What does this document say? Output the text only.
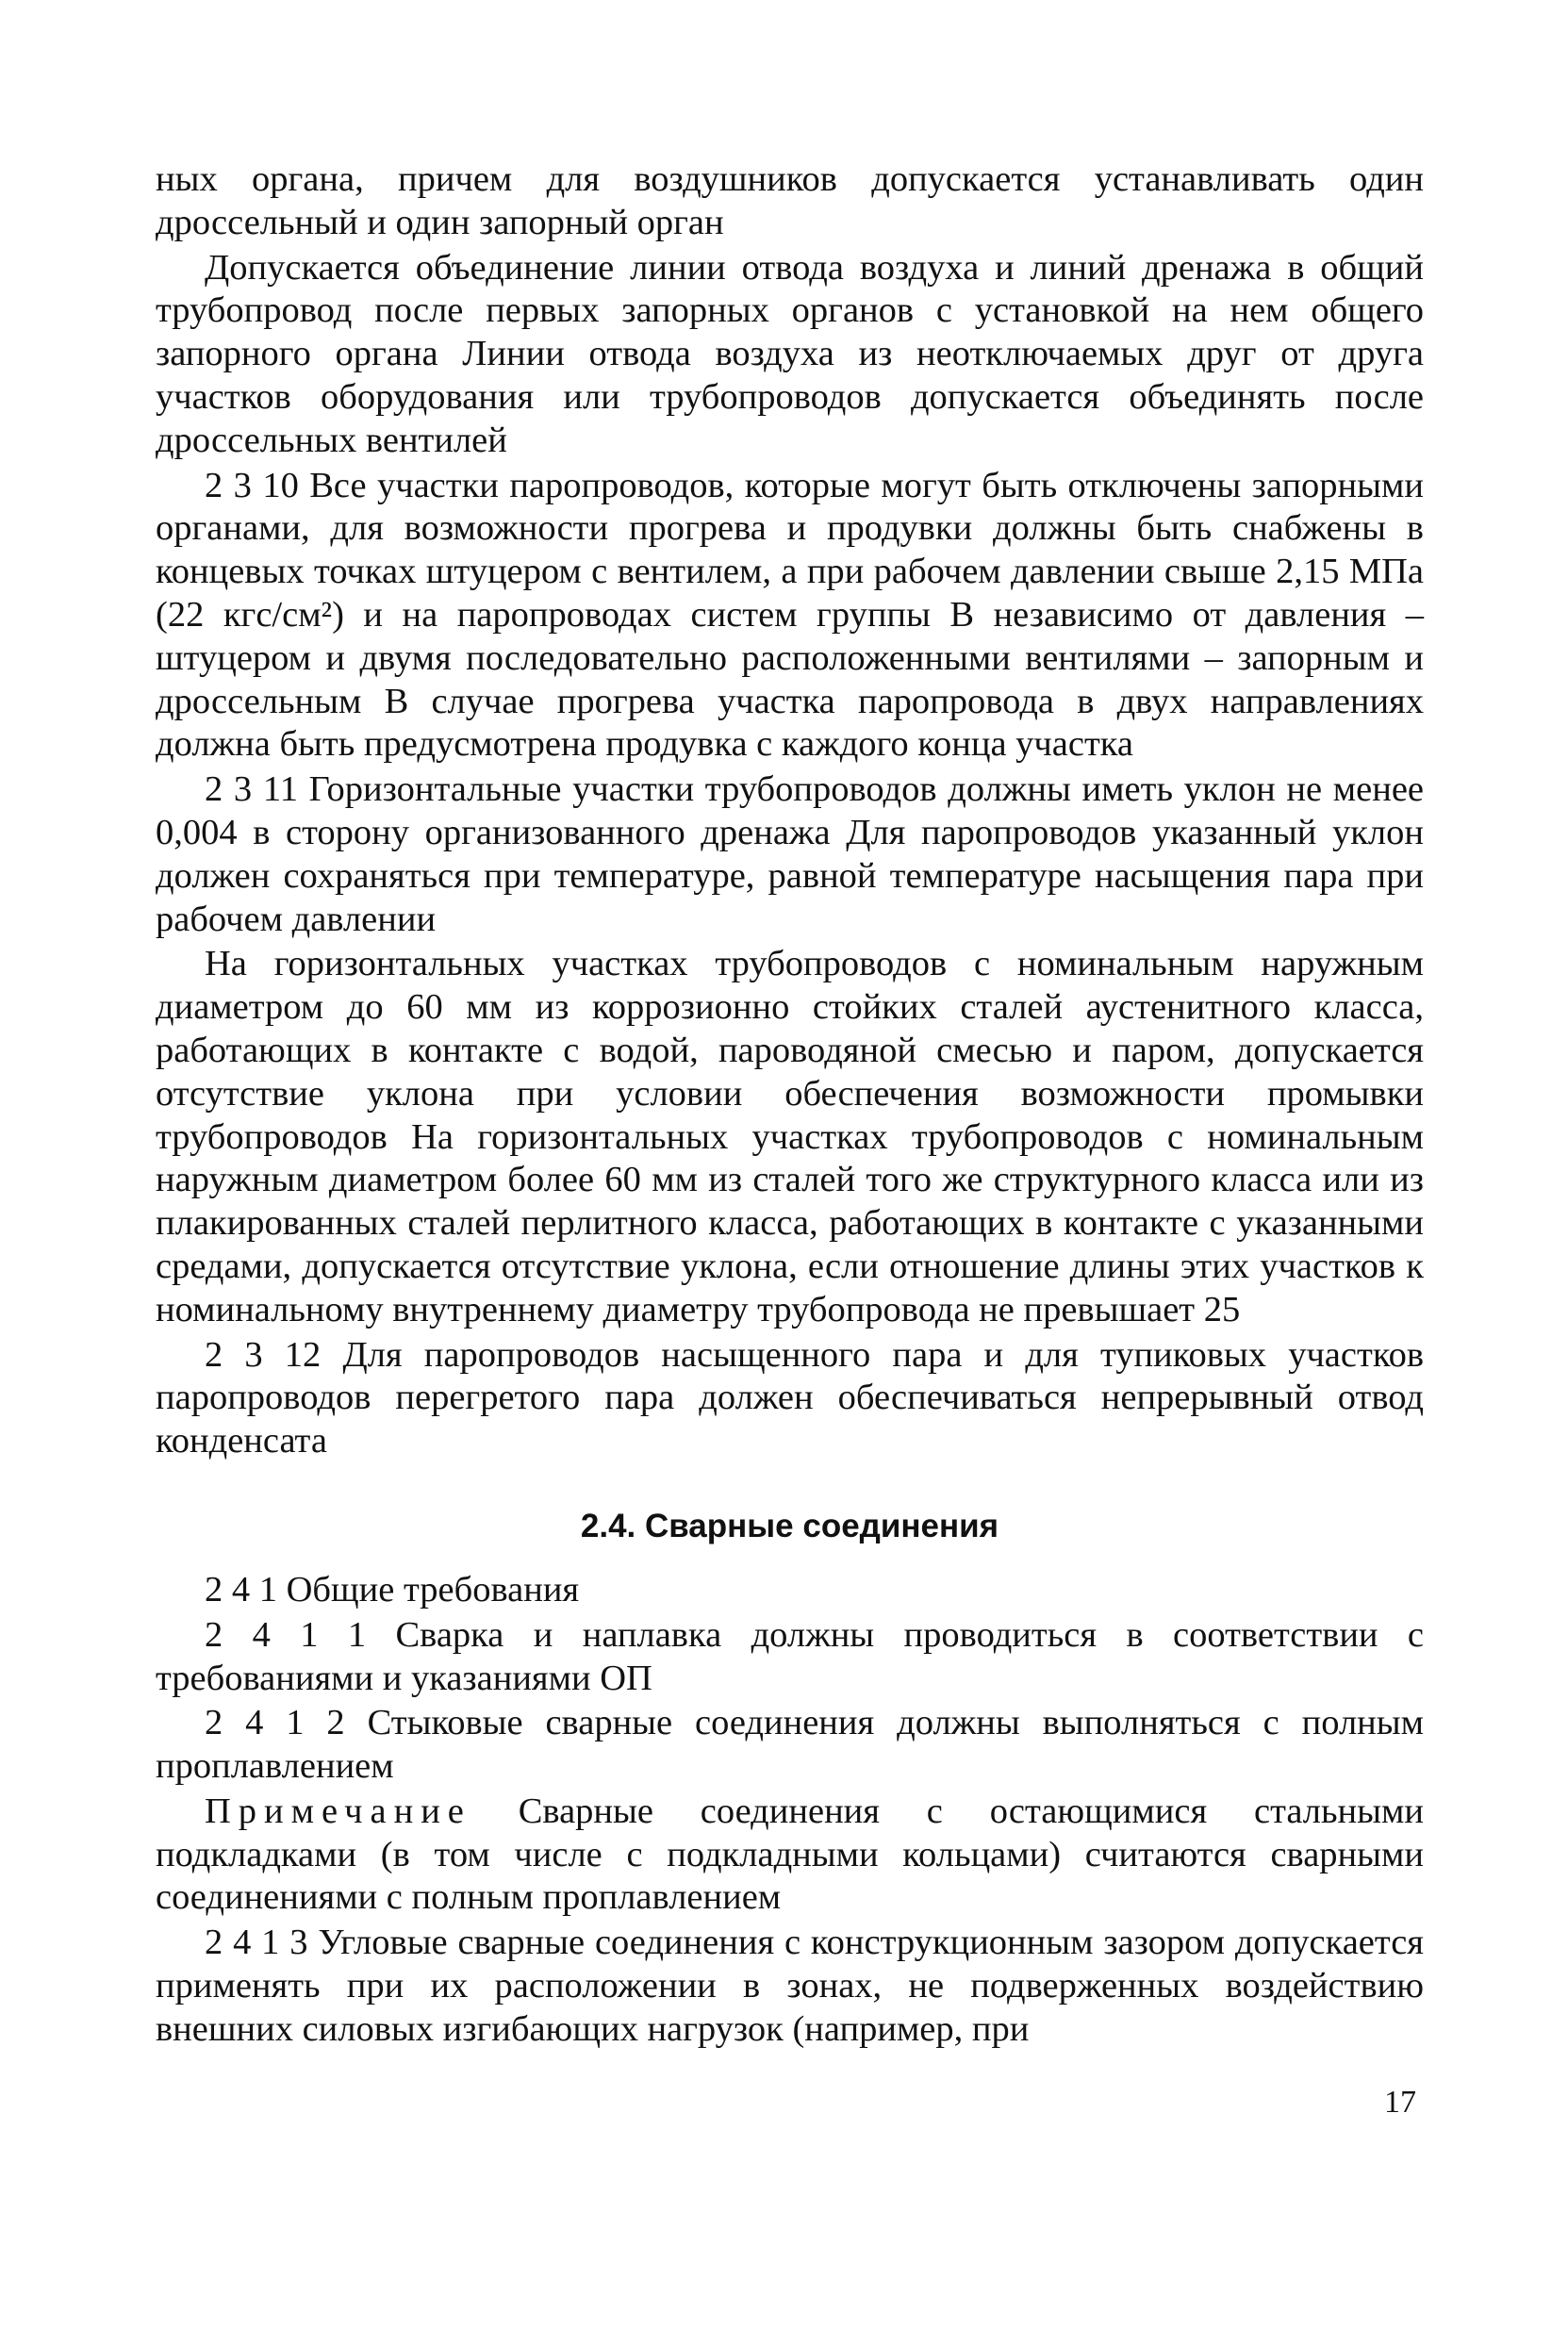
ных органа, причем для воздушников допускается устанавливать один дроссельный и один запорный орган

Допускается объединение линии отвода воздуха и линий дренажа в общий трубопровод после первых запорных органов с установкой на нем общего запорного органа Линии отвода воздуха из неотключаемых друг от друга участков оборудования или трубопроводов допускается объединять после дроссельных вентилей

2 3 10 Все участки паропроводов, которые могут быть отключены запорными органами, для возможности прогрева и продувки должны быть снабжены в концевых точках штуцером с вентилем, а при рабочем давлении свыше 2,15 МПа (22 кгс/см²) и на паропроводах систем группы В независимо от давления – штуцером и двумя последовательно расположенными вентилями – запорным и дроссельным В случае прогрева участка паропровода в двух направлениях должна быть предусмотрена продувка с каждого конца участка

2 3 11 Горизонтальные участки трубопроводов должны иметь уклон не менее 0,004 в сторону организованного дренажа Для паропроводов указанный уклон должен сохраняться при температуре, равной температуре насыщения пара при рабочем давлении

На горизонтальных участках трубопроводов с номинальным наружным диаметром до 60 мм из коррозионно стойких сталей аустенитного класса, работающих в контакте с водой, пароводяной смесью и паром, допускается отсутствие уклона при условии обеспечения возможности промывки трубопроводов На горизонтальных участках трубопроводов с номинальным наружным диаметром более 60 мм из сталей того же структурного класса или из плакированных сталей перлитного класса, работающих в контакте с указанными средами, допускается отсутствие уклона, если отношение длины этих участков к номинальному внутреннему диаметру трубопровода не превышает 25

2 3 12 Для паропроводов насыщенного пара и для тупиковых участков паропроводов перегретого пара должен обеспечиваться непрерывный отвод конденсата

2.4. Сварные соединения

2 4 1 Общие требования

2 4 1 1 Сварка и наплавка должны проводиться в соответствии с требованиями и указаниями ОП

2 4 1 2 Стыковые сварные соединения должны выполняться с полным проплавлением

Примечание Сварные соединения с остающимися стальными подкладками (в том числе с подкладными кольцами) считаются сварными соединениями с полным проплавлением

2 4 1 3 Угловые сварные соединения с конструкционным зазором допускается применять при их расположении в зонах, не подверженных воздействию внешних силовых изгибающих нагрузок (например, при

17
